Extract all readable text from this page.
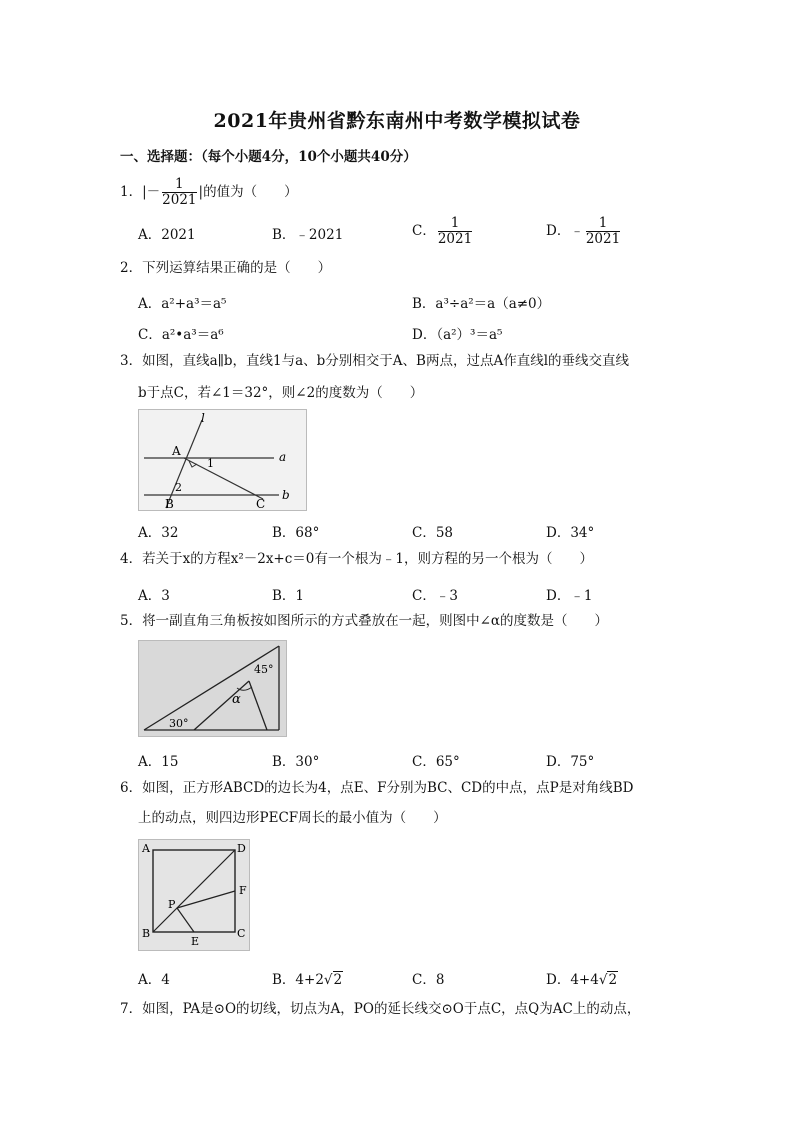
2021年贵州省黔东南州中考数学模拟试卷
一、选择题：（每个小题4分，10个小题共40分）
1．|－ $\frac{1}{2021}$ |的值为（　　）
A．2021	B．﹣2021	C． $\frac{1}{2021}$	D．﹣ $\frac{1}{2021}$
2．下列运算结果正确的是（　　）
A．a²+a³＝a⁵	B．a³÷a²＝a（a≠0）
C．a²•a³＝a⁶	D．（a²）³＝a⁵
3．如图，直线a∥b，直线1与a、b分别相交于A、B两点，过点A作直线l的垂线交直线
b于点C，若∠1＝32°，则∠2的度数为（　　）
l
A
1	a
2
B	C
b
A．32	B．68°	C．58	D．34°
4．若关于x的方程x²－2x+c＝0有一个根为﹣1，则方程的另一个根为（　　）
A．3	B．1	C．﹣3	D．﹣1
5．将一副直角三角板按如图所示的方式叠放在一起，则图中∠α的度数是（　　）
45°
α
30°
A．15	B．30°	C．65°	D．75°
6．如图，正方形ABCD的边长为4，点E、F分别为BC、CD的中点，点P是对角线BD
上的动点，则四边形PECF周长的最小值为（　　）
A	D
F
P
B
E
C
A．4	B．4+2√2	C．8	D．4+4√2
7．如图，PA是⊙O的切线，切点为A，PO的延长线交⊙O于点C，点Q为AC上的动点，
